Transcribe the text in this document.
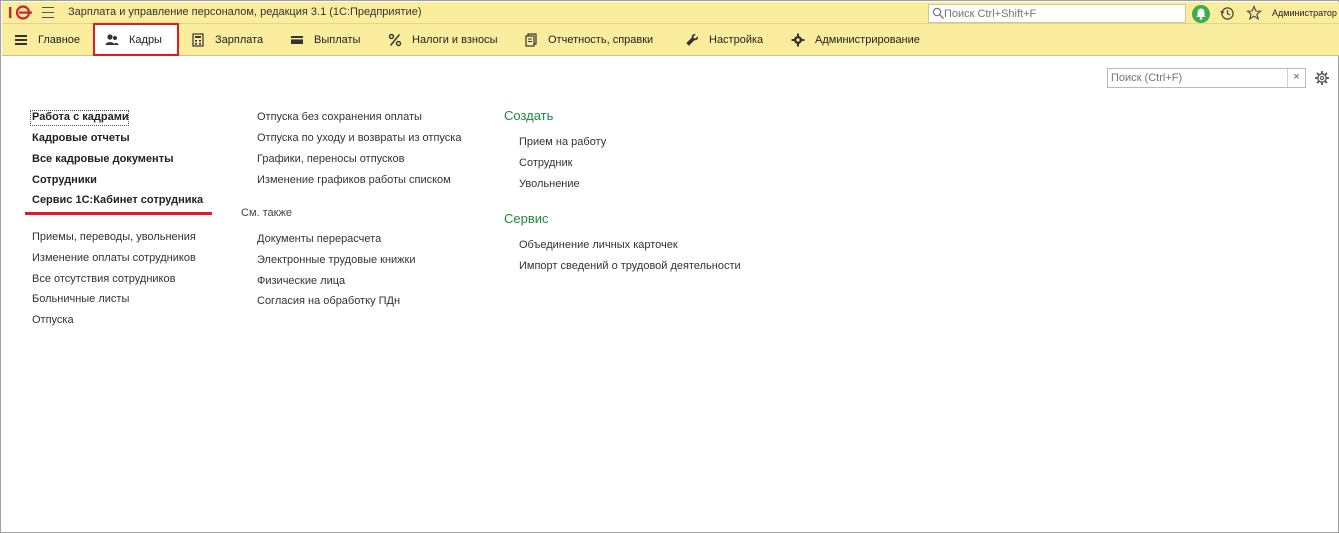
1С
Зарплата и управление персоналом, редакция 3.1 (1С:Предприятие)
Поиск Ctrl+Shift+F	Администратор
Главное	Кадры	Зарплата	Выплаты	Налоги и взносы	Отчетность, справки	Настройка	Администрирование
Поиск (Ctrl+F)
×
Работа с кадрами
Кадровые отчеты
Все кадровые документы
Сотрудники
Сервис 1С:Кабинет сотрудника
Приемы, переводы, увольнения
Изменение оплаты сотрудников
Все отсутствия сотрудников
Больничные листы
Отпуска
Отпуска без сохранения оплаты
Отпуска по уходу и возвраты из отпуска
Графики, переносы отпусков
Изменение графиков работы списком
См. также
Документы перерасчета
Электронные трудовые книжки
Физические лица
Согласия на обработку ПДн
Создать
Прием на работу
Сотрудник
Увольнение
Сервис
Объединение личных карточек
Импорт сведений о трудовой деятельности
